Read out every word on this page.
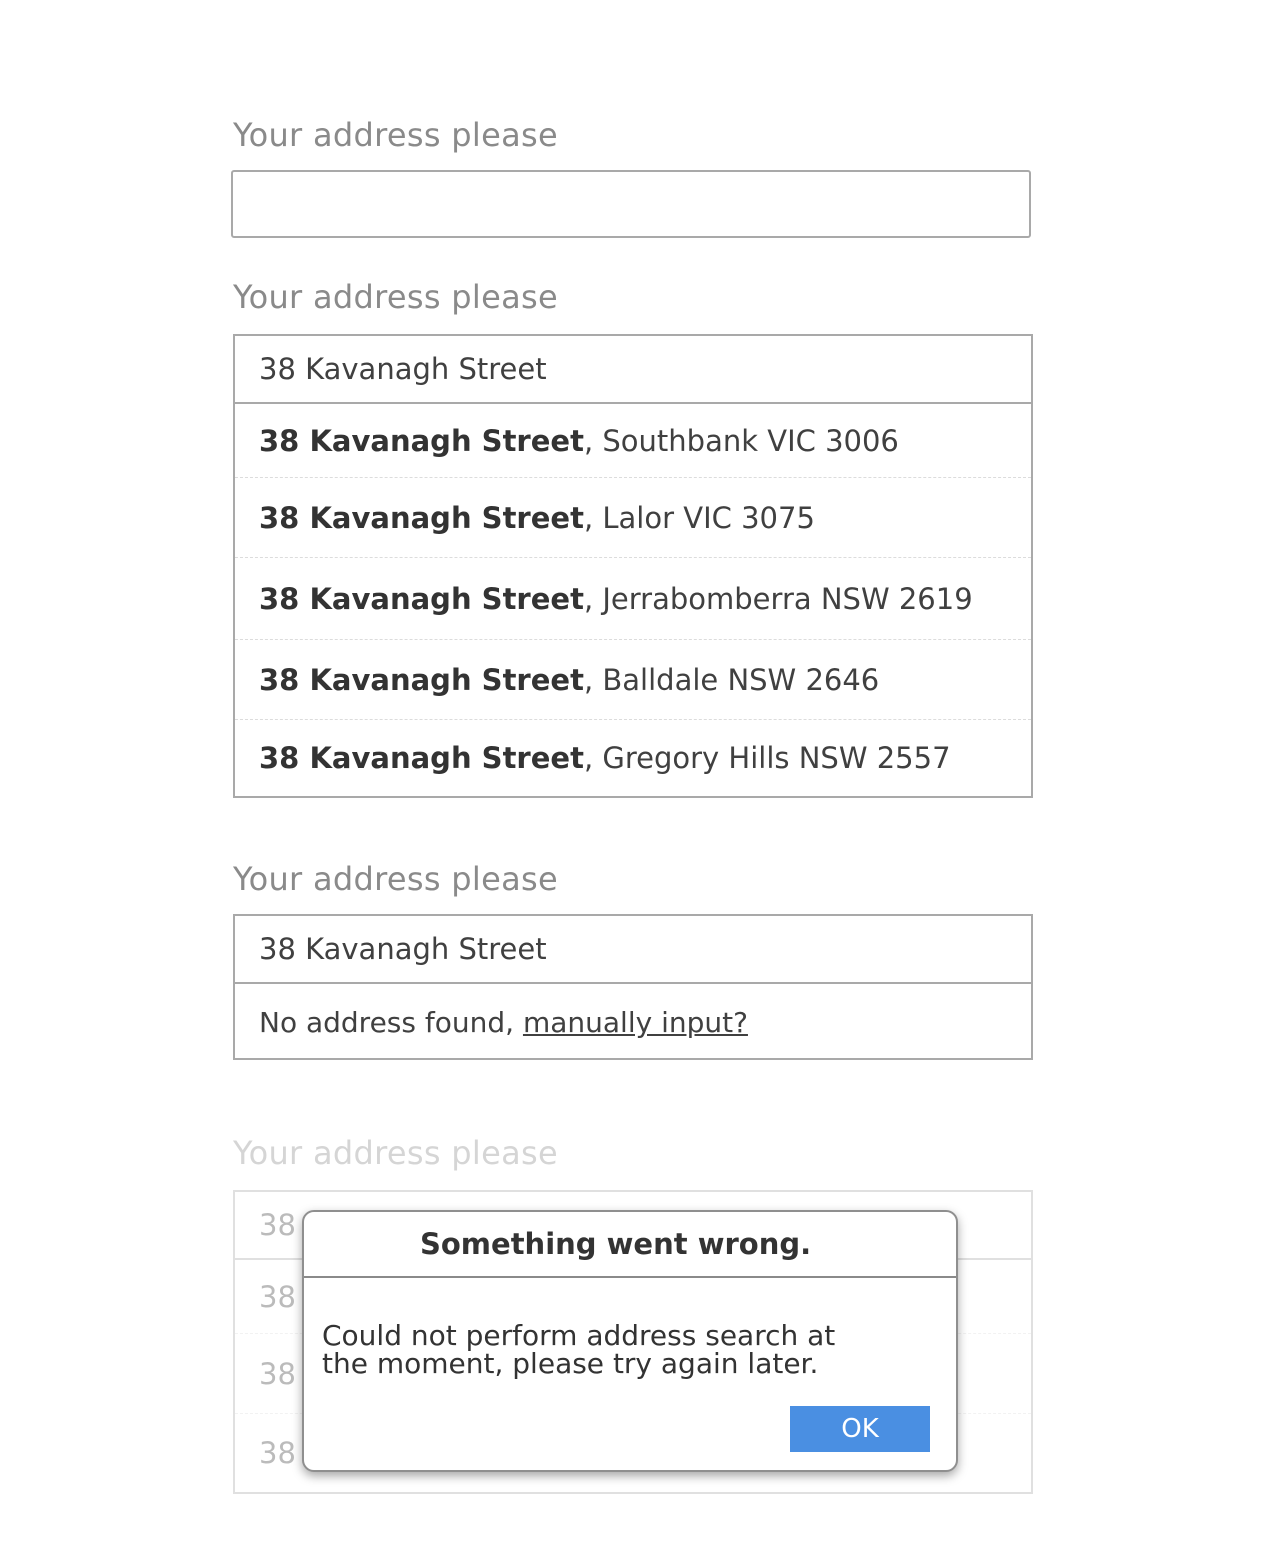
Your address please
Your address please
38 Kavanagh Street
38 Kavanagh Street , Southbank VIC 3006
38 Kavanagh Street , Lalor VIC 3075
38 Kavanagh Street , Jerrabomberra NSW 2619
38 Kavanagh Street , Balldale NSW 2646
38 Kavanagh Street , Gregory Hills NSW 2557
Your address please
38 Kavanagh Street
No address found,
manually input?
Your address please
38
38
38
38
Something went wrong.
Could not perform address search at
the moment, please try again later.
OK
